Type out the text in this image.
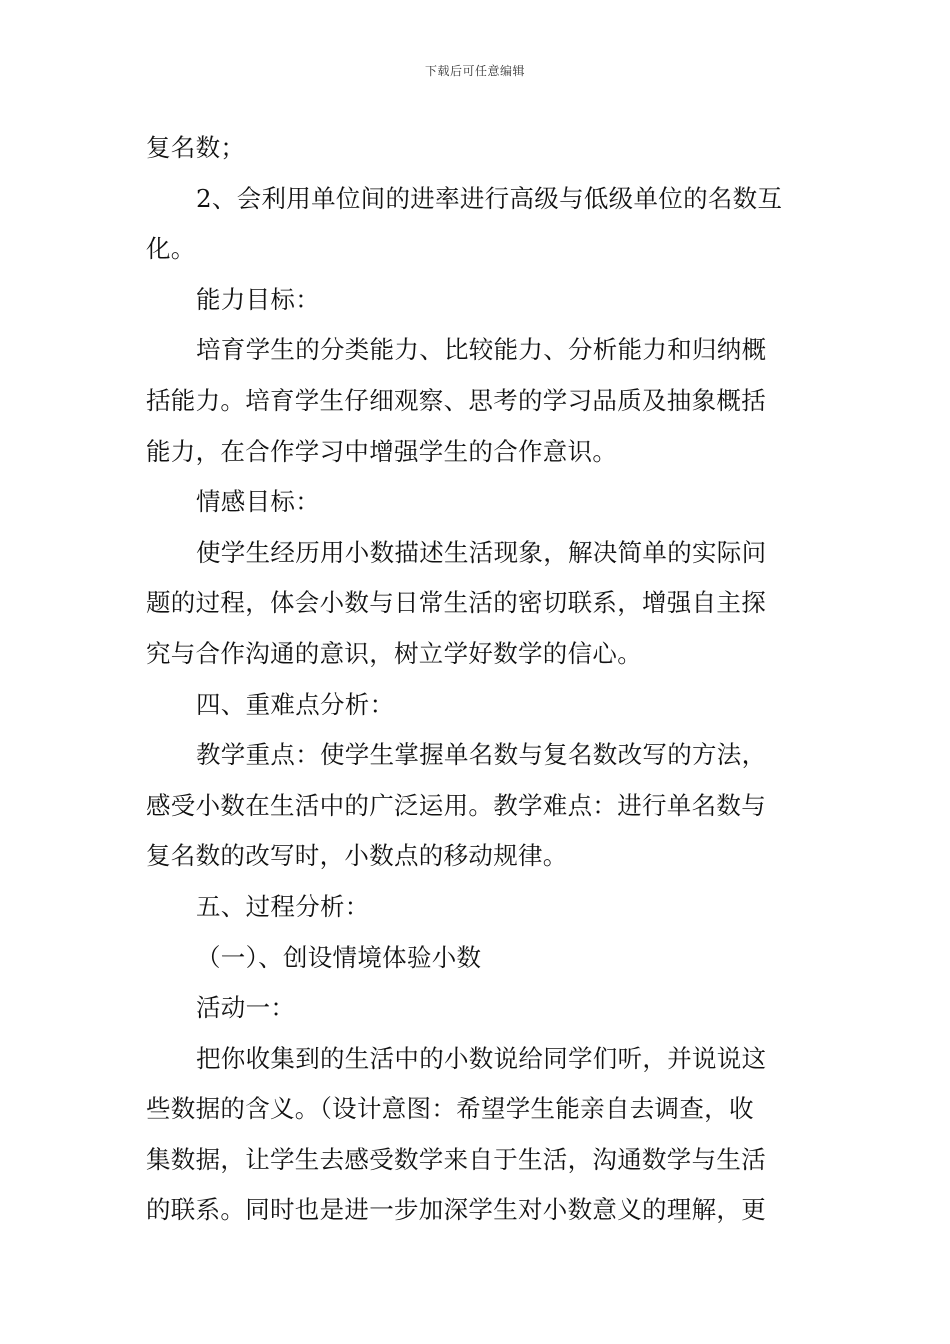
下载后可任意编辑
复名数；
2、会利用单位间的进率进行高级与低级单位的名数互
化。
能力目标：
培育学生的分类能力、比较能力、分析能力和归纳概
括能力。培育学生仔细观察、思考的学习品质及抽象概括
能力，在合作学习中增强学生的合作意识。
情感目标：
使学生经历用小数描述生活现象，解决简单的实际问
题的过程，体会小数与日常生活的密切联系，增强自主探
究与合作沟通的意识，树立学好数学的信心。
四、重难点分析：
教学重点：使学生掌握单名数与复名数改写的方法，
感受小数在生活中的广泛运用。教学难点：进行单名数与
复名数的改写时，小数点的移动规律。
五、过程分析：
（一）、创设情境体验小数
活动一：
把你收集到的生活中的小数说给同学们听，并说说这
些数据的含义。（设计意图：希望学生能亲自去调查，收
集数据，让学生去感受数学来自于生活，沟通数学与生活
的联系。同时也是进一步加深学生对小数意义的理解，更
